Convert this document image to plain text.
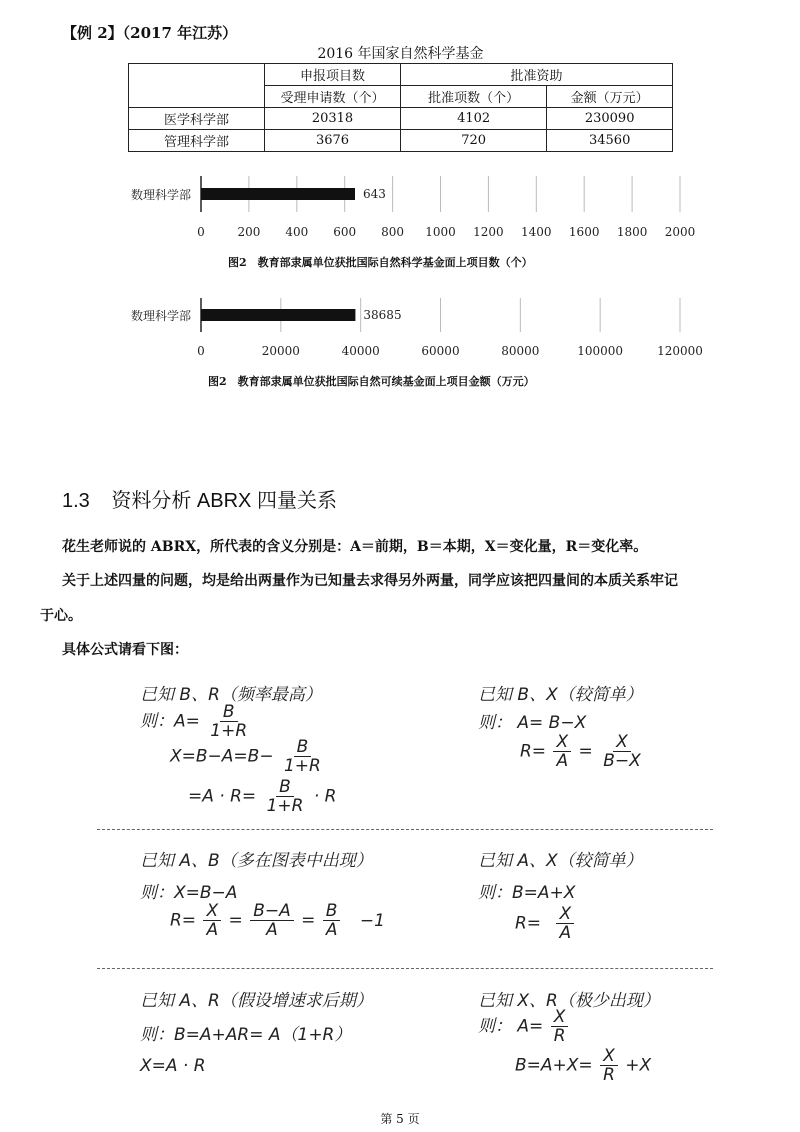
【例 2】（2017 年江苏）
2016 年国家自然科学基金
	申报项目数	批准资助	
	受理申请数（个）	批准项数（个）	金额（万元）
医学科学部	20318	4102	230090
管理科学部	3676	720	34560
0	200 400 600 800 1000 1200 1400 1600 1800 2000
643
数理科学部
图2　教育部隶属单位获批国际自然科学基金面上项目数（个）
0	20000	40000	60000	80000	100000	120000
38685
数理科学部
图2　教育部隶属单位获批国际自然可续基金面上项目金额（万元）
1.3 资料分析 ABRX 四量关系
花生老师说的 ABRX，所代表的含义分别是：A＝前期，B＝本期，X＝变化量，R＝变化率。
关于上述四量的问题，均是给出两量作为已知量去求得另外两量，同学应该把四量间的本质关系牢记
于心。
具体公式请看下图：
已知 B、R（频率最高）
则：$A= \frac{B}{1+R}$
$X=B-A=B- \frac{B}{1+R}$
$=A \cdot R= \frac{B}{1+R} \cdot R$
已知 B、X（较简单）
则： A= B−X
$R= \frac{X}{A} = \frac{X}{B-X}$
已知 A、B（多在图表中出现）
则：X=B−A
$R= \frac{X}{A} = \frac{B-A}{A} = \frac{B}{A} -1$
已知 A、X（较简单）
则：B=A+X
$R= \frac{X}{A}$
已知 A、R（假设增速求后期）
则：B=A+AR= A（1+R）
X=A · R
已知 X、R（极少出现）
则： $A= \frac{X}{R}$
$B=A+X= \frac{X}{R} +X$
第 5 页
